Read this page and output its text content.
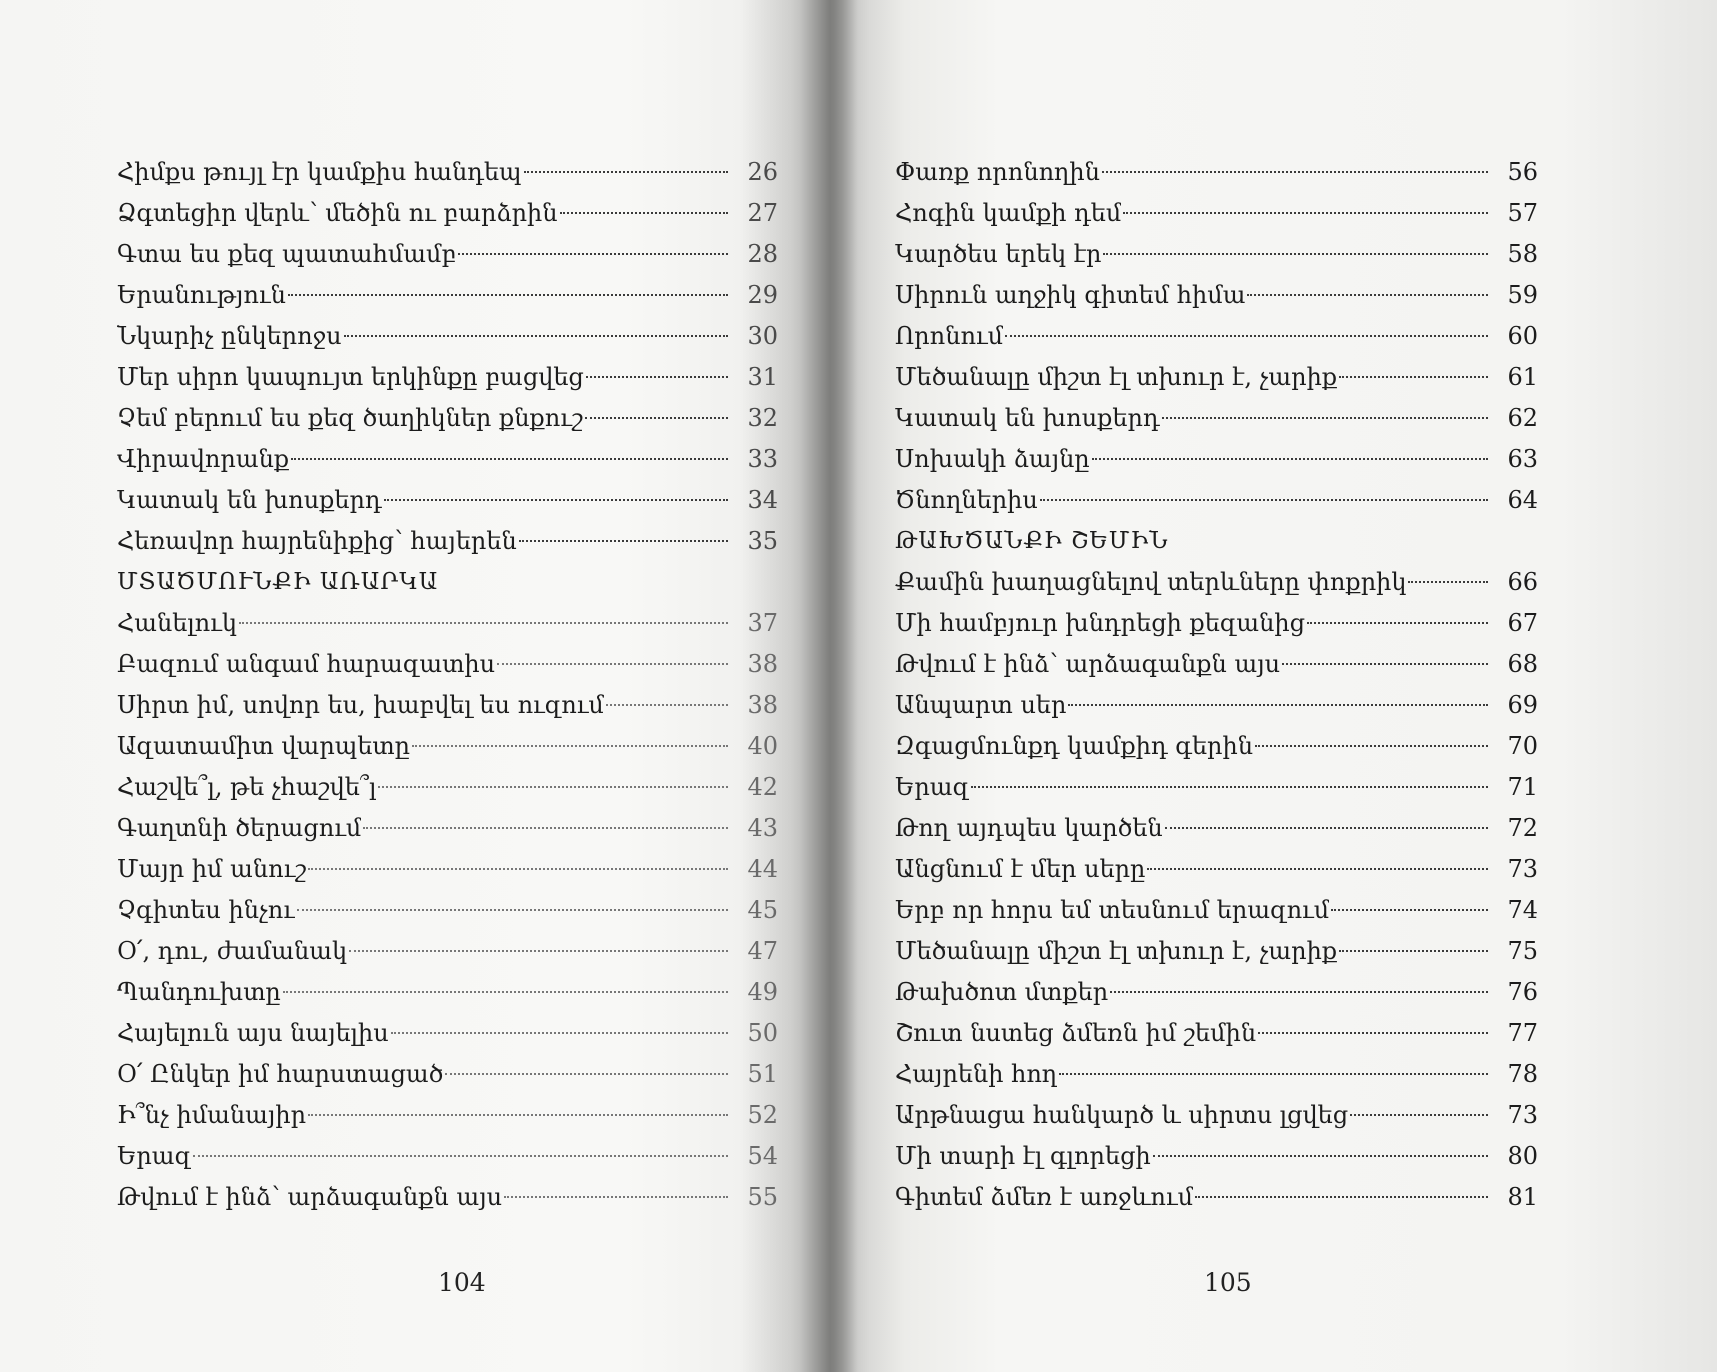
Հիմքս թույլ էր կամքիս հանդեպ	26
Ձգտեցիր վերև՝ մեծին ու բարձրին	27
Գտա ես քեզ պատահմամբ	28
Երանություն	29
Նկարիչ ընկերոջս	30
Մեր սիրո կապույտ երկինքը բացվեց	31
Չեմ բերում ես քեզ ծաղիկներ քնքուշ	32
Վիրավորանք	33
Կատակ են խոսքերդ	34
Հեռավոր հայրենիքից՝ հայերեն	35
ՄՏԱԾՄՈՒՆՔԻ ԱՌԱՐԿԱ
Հանելուկ	37
Բազում անգամ հարազատիս	38
Սիրտ իմ, սովոր ես, խաբվել ես ուզում	38
Ազատամիտ վարպետը	40
Հաշվե՞լ, թե չհաշվե՞լ	42
Գաղտնի ծերացում	43
Մայր իմ անուշ	44
Չգիտես ինչու	45
Օ՛, դու, ժամանակ	47
Պանդուխտը	49
Հայելուն այս նայելիս	50
Օ՛ Ընկեր իմ հարստացած	51
Ի՞նչ իմանայիր	52
Երազ	54
Թվում է ինձ՝ արձագանքն այս	55
104
Փառք որոնողին	56
Հոգին կամքի դեմ	57
Կարծես երեկ էր	58
Սիրուն աղջիկ գիտեմ հիմա	59
Որոնում	60
Մեծանալը միշտ էլ տխուր է, չարիք	61
Կատակ են խոսքերդ	62
Սոխակի ձայնը	63
Ծնողներիս	64
ԹԱԽԾԱՆՔԻ ՇԵՄԻՆ
Քամին խաղացնելով տերևները փոքրիկ	66
Մի համբյուր խնդրեցի քեզանից	67
Թվում է ինձ՝ արձագանքն այս	68
Անպարտ սեր	69
Զգացմունքդ կամքիդ գերին	70
Երազ	71
Թող այդպես կարծեն	72
Անցնում է մեր սերը	73
Երբ որ հորս եմ տեսնում երազում	74
Մեծանալը միշտ էլ տխուր է, չարիք	75
Թախծոտ մտքեր	76
Շուտ նստեց ձմեռն իմ շեմին	77
Հայրենի հող	78
Արթնացա հանկարծ և սիրտս լցվեց	73
Մի տարի էլ գլորեցի	80
Գիտեմ ձմեռ է առջևում	81
105
